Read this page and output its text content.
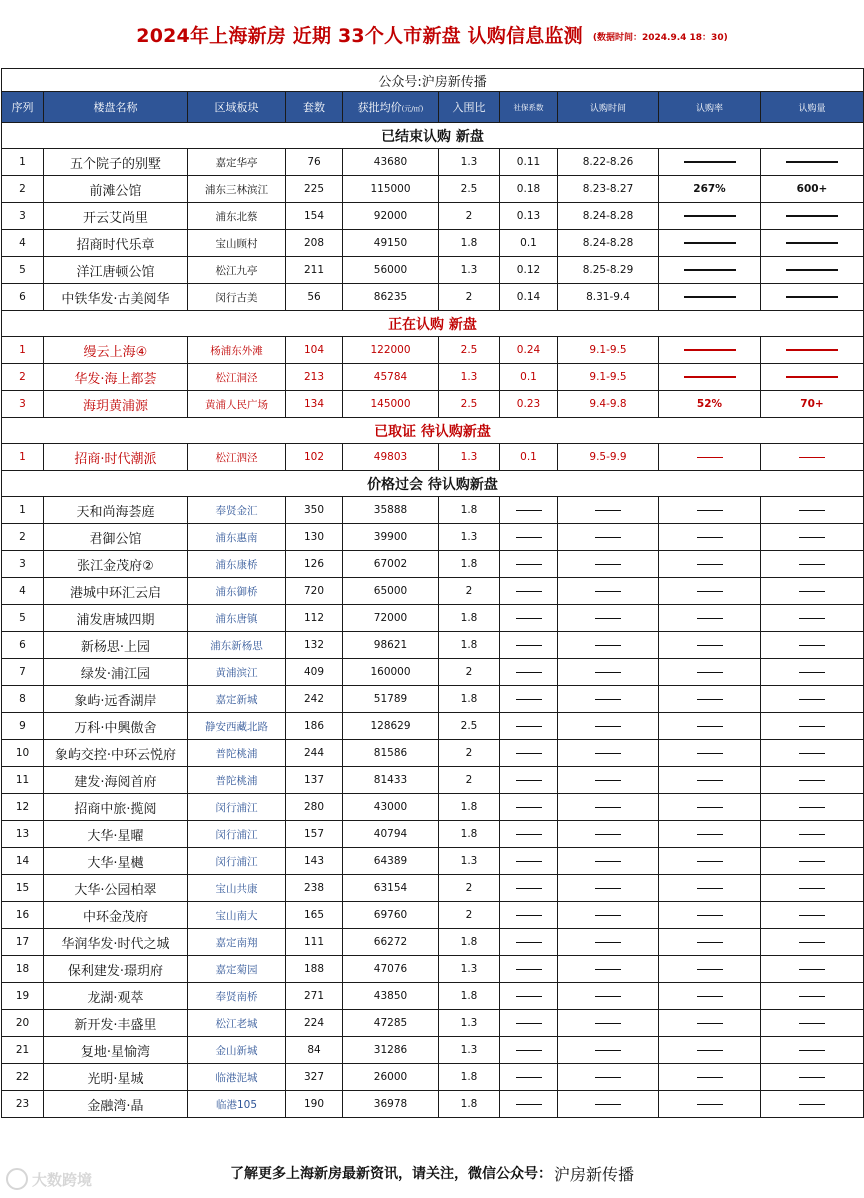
2024年上海新房 近期 33个人市新盘 认购信息监测 (数据时间：2024.9.4 18：30)
公众号:沪房新传播									
序列	楼盘名称	区域板块	套数	获批均价(元/㎡)	入围比	社保系数	认购时间	认购率	认购量
已结束认购 新盘									
1	五个院子的别墅	嘉定华亭	76	43680	1.3	0.11	8.22-8.26		
2	前滩公馆	浦东三林滨江	225	115000	2.5	0.18	8.23-8.27	267%	600+
3	开云艾尚里	浦东北蔡	154	92000	2	0.13	8.24-8.28		
4	招商时代乐章	宝山顾村	208	49150	1.8	0.1	8.24-8.28		
5	洋江唐顿公馆	松江九亭	211	56000	1.3	0.12	8.25-8.29		
6	中铁华发·古美阅华	闵行古美	56	86235	2	0.14	8.31-9.4		
正在认购 新盘									
1	缦云上海④	杨浦东外滩	104	122000	2.5	0.24	9.1-9.5		
2	华发·海上都荟	松江洞泾	213	45784	1.3	0.1	9.1-9.5		
3	海玥黄浦源	黄浦人民广场	134	145000	2.5	0.23	9.4-9.8	52%	70+
已取证 待认购新盘									
1	招商·时代潮派	松江泗泾	102	49803	1.3	0.1	9.5-9.9		
价格过会 待认购新盘									
1	天和尚海荟庭	奉贤金汇	350	35888	1.8				
2	君御公馆	浦东惠南	130	39900	1.3				
3	张江金茂府②	浦东康桥	126	67002	1.8				
4	港城中环汇云启	浦东御桥	720	65000	2				
5	浦发唐城四期	浦东唐镇	112	72000	1.8				
6	新杨思·上园	浦东新杨思	132	98621	1.8				
7	绿发·浦江园	黄浦滨江	409	160000	2				
8	象屿·远香湖岸	嘉定新城	242	51789	1.8				
9	万科·中興傲舍	静安西藏北路	186	128629	2.5				
10	象屿交控·中环云悦府	普陀桃浦	244	81586	2				
11	建发·海阅首府	普陀桃浦	137	81433	2				
12	招商中旅·揽阅	闵行浦江	280	43000	1.8				
13	大华·星曜	闵行浦江	157	40794	1.8				
14	大华·星樾	闵行浦江	143	64389	1.3				
15	大华·公园柏翠	宝山共康	238	63154	2				
16	中环金茂府	宝山南大	165	69760	2				
17	华润华发·时代之城	嘉定南翔	111	66272	1.8				
18	保利建发·璟玥府	嘉定菊园	188	47076	1.3				
19	龙湖·观萃	奉贤南桥	271	43850	1.8				
20	新开发·丰盛里	松江老城	224	47285	1.3				
21	复地·星愉湾	金山新城	84	31286	1.3				
22	光明·星城	临港泥城	327	26000	1.8				
23	金融湾·晶	临港105	190	36978	1.8				
了解更多上海新房最新资讯，请关注，微信公众号： 沪房新传播
大数跨境
